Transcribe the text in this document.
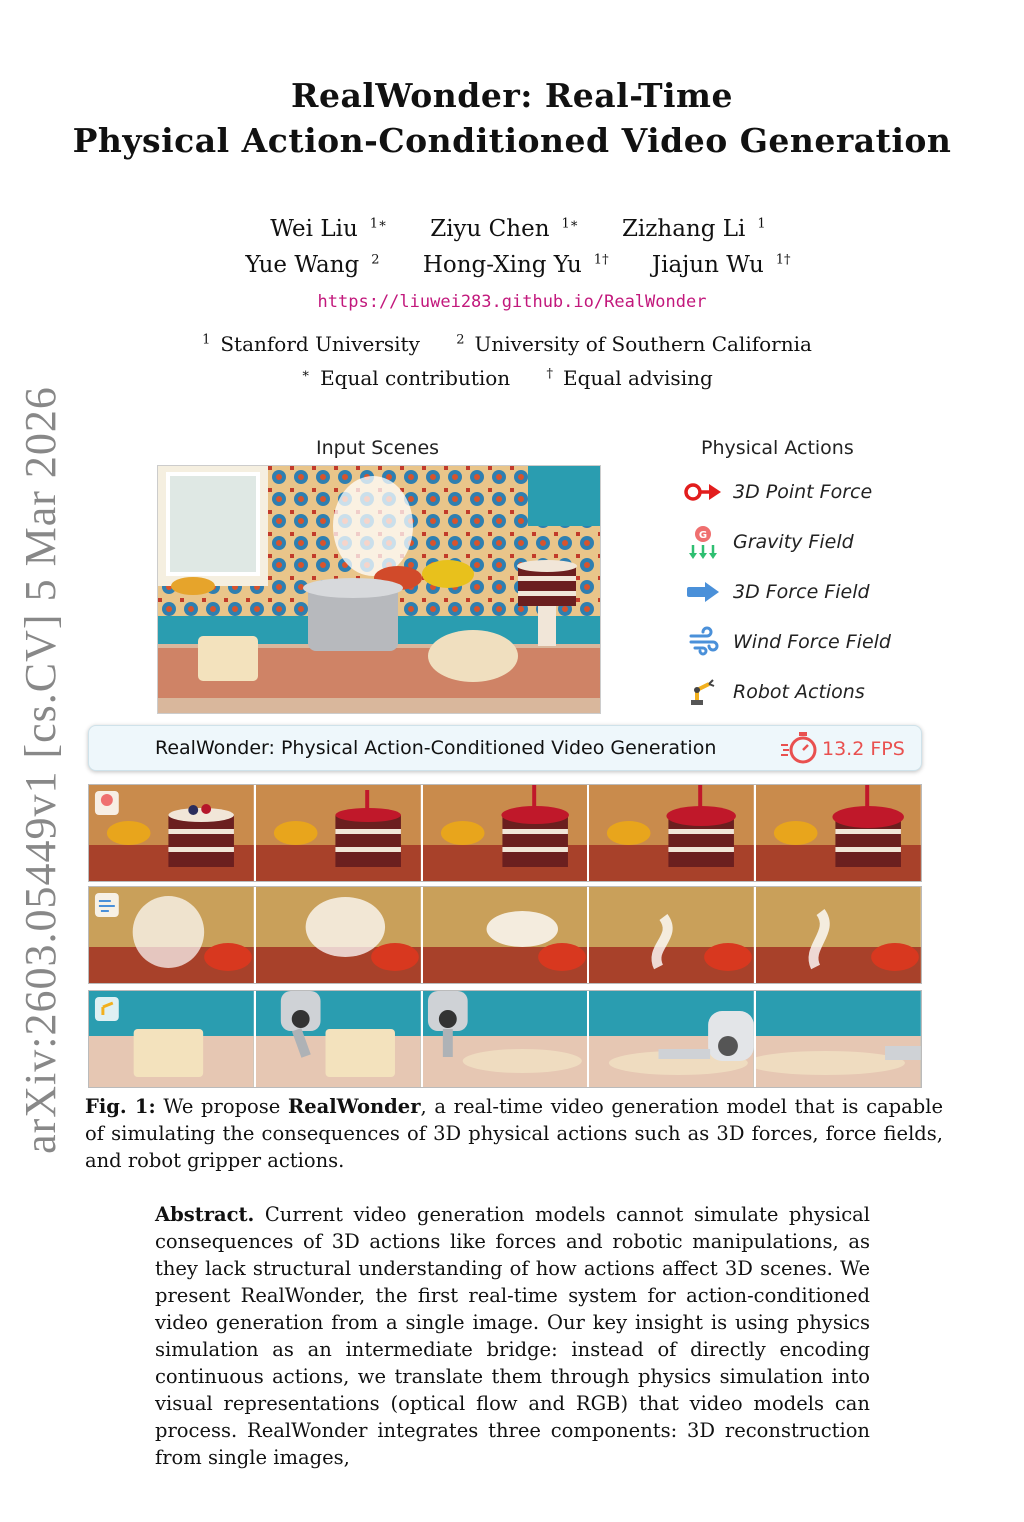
RealWonder: Real-Time
Physical Action-Conditioned Video Generation
Wei Liu $^{1∗}$ Ziyu Chen $^{1∗}$ Zizhang Li $^1$
Yue Wang $^2$ Hong-Xing Yu $^{1\dagger}$ Jiajun Wu $^{1\dagger}$
https://liuwei283.github.io/RealWonder
$^1$ Stanford University	$^2$ University of Southern California
∗ Equal contribution	† Equal advising
arXiv:2603.05449v1 [cs.CV] 5 Mar 2026	Input Scenes	Physical Actions
3D Point Force
G Gravity Field
3D Force Field
Wind Force Field
Robot Actions
RealWonder: Physical Action-Conditioned Video Generation	13.2 FPS
Fig. 1: We propose RealWonder, a real-time video generation model that is capable of simulating the consequences of 3D physical actions such as 3D forces, force fields, and robot gripper actions.
Abstract. Current video generation models cannot simulate physical consequences of 3D actions like forces and robotic manipulations, as they lack structural understanding of how actions affect 3D scenes. We present RealWonder, the first real-time system for action-conditioned video generation from a single image. Our key insight is using physics simulation as an intermediate bridge: instead of directly encoding continuous actions, we translate them through physics simulation into visual representations (optical flow and RGB) that video models can process. RealWonder integrates three components: 3D reconstruction from single images,
